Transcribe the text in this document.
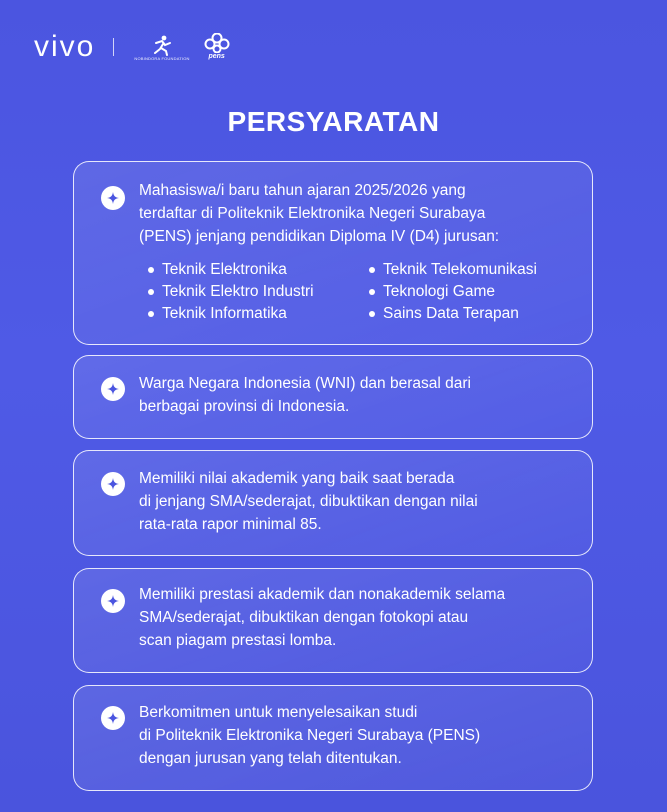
vivo	NOBINDORA FOUNDATION	pens
PERSYARATAN
Mahasiswa/i baru tahun ajaran 2025/2026 yang
terdaftar di Politeknik Elektronika Negeri Surabaya
(PENS) jenjang pendidikan Diploma IV (D4) jurusan:
Teknik Elektronika	Teknik Telekomunikasi
Teknik Elektro Industri	Teknologi Game
Teknik Informatika	Sains Data Terapan
Warga Negara Indonesia (WNI) dan berasal dari
berbagai provinsi di Indonesia.
Memiliki nilai akademik yang baik saat berada
di jenjang SMA/sederajat, dibuktikan dengan nilai
rata-rata rapor minimal 85.
Memiliki prestasi akademik dan nonakademik selama
SMA/sederajat, dibuktikan dengan fotokopi atau
scan piagam prestasi lomba.
Berkomitmen untuk menyelesaikan studi
di Politeknik Elektronika Negeri Surabaya (PENS)
dengan jurusan yang telah ditentukan.
